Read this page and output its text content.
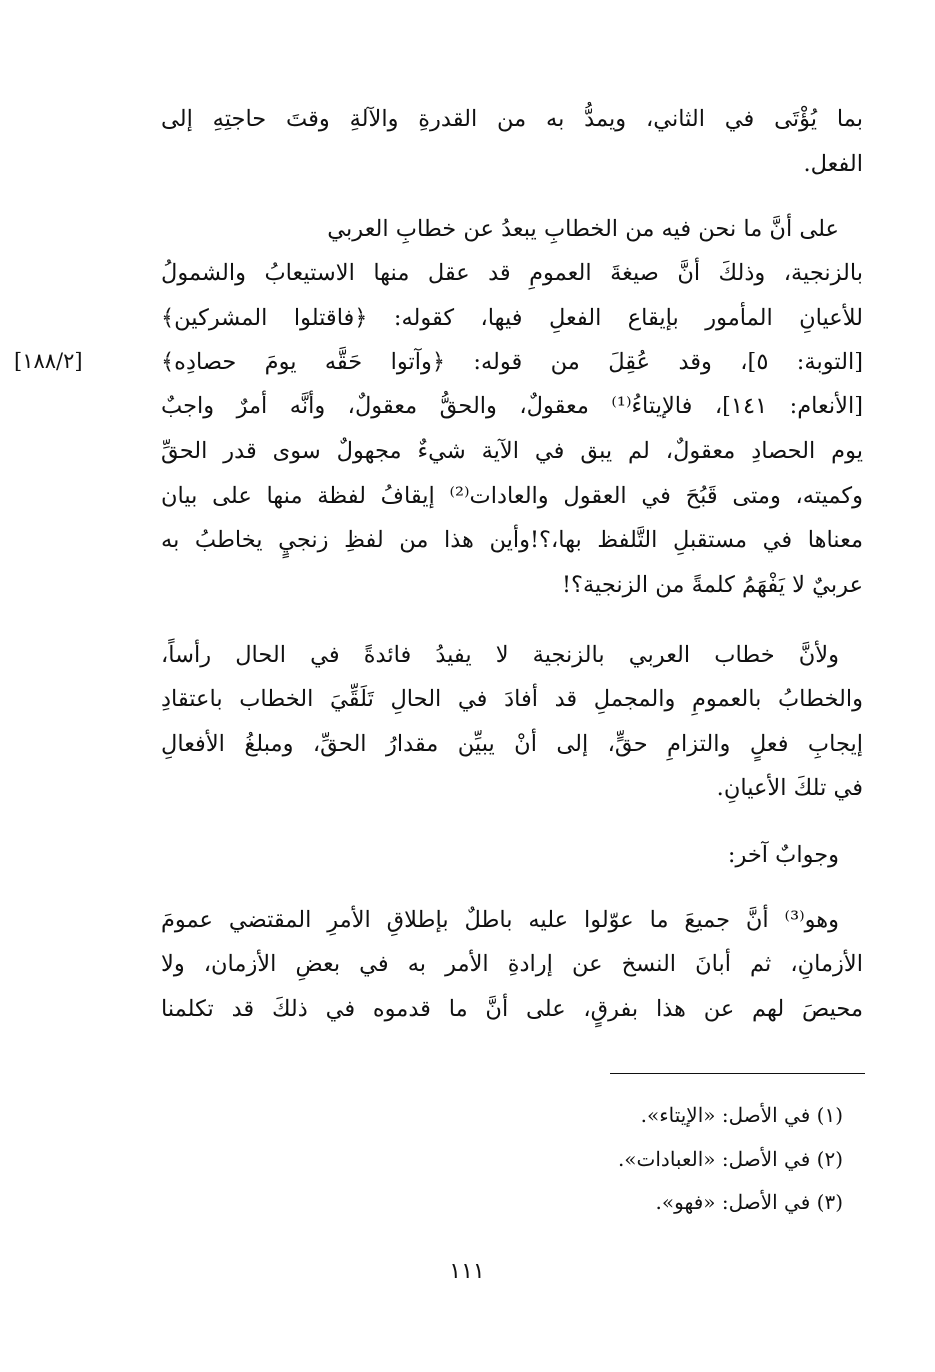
بما يُؤْتَى في الثاني، ويمدُّ به من القدرةِ والآلةِ وقتَ حاجتِهِ إلى
الفعل.
على أنَّ ما نحن فيه من الخطابِ يبعدُ عن خطابِ العربي
بالزنجية، وذلكَ أنَّ صيغةَ العمومِ قد عقل منها الاستيعابُ والشمولُ
للأعيانِ المأمور بإيقاع الفعلِ فيها، كقوله: ﴿فاقتلوا المشركين﴾
[التوبة: ٥]، وقد عُقِلَ من قوله: ﴿وآتوا حَقَّه يومَ حصادِه﴾
[الأنعام: ١٤١]، فالإيتاءُ⁽¹⁾ معقولٌ، والحقُّ معقولٌ، وأنَّه أمرٌ واجبٌ
يوم الحصادِ معقولٌ، لم يبق في الآية شيءٌ مجهولٌ سوى قدر الحقِّ
وكميته، ومتى قَبُحَ في العقول والعادات⁽²⁾ إيقافُ لفظة منها على بيان
معناها في مستقبلِ التَّلفظ بها،؟!وأين هذا من لفظِ زنجيٍ يخاطبُ به
عربيٌ لا يَفْهَمُ كلمةً من الزنجية؟!
[١٨٨/٢]
ولأنَّ خطاب العربي بالزنجية لا يفيدُ فائدةً في الحال رأساً،
والخطابُ بالعمومِ والمجملِ قد أفادَ في الحالِ تَلَقِّيَ الخطاب باعتقادِ
إيجابِ فعلٍ والتزامِ حقٍّ، إلى أنْ يبيِّن مقدارُ الحقِّ، ومبلغُ الأفعالِ
في تلكَ الأعيانِ.
وجوابٌ آخر:
وهو⁽³⁾ أنَّ جميعَ ما عوّلوا عليه باطلٌ بإطلاقِ الأمرِ المقتضي عمومَ
الأزمانِ، ثم أبانَ النسخ عن إرادةِ الأمر به في بعضِ الأزمان، ولا
محيصَ لهم عن هذا بفرقٍ، على أنَّ ما قدموه في ذلكَ قد تكلمنا
(١) في الأصل: «الإيتاء».
(٢) في الأصل: «العبادات».
(٣) في الأصل: «فهو».
١١١
